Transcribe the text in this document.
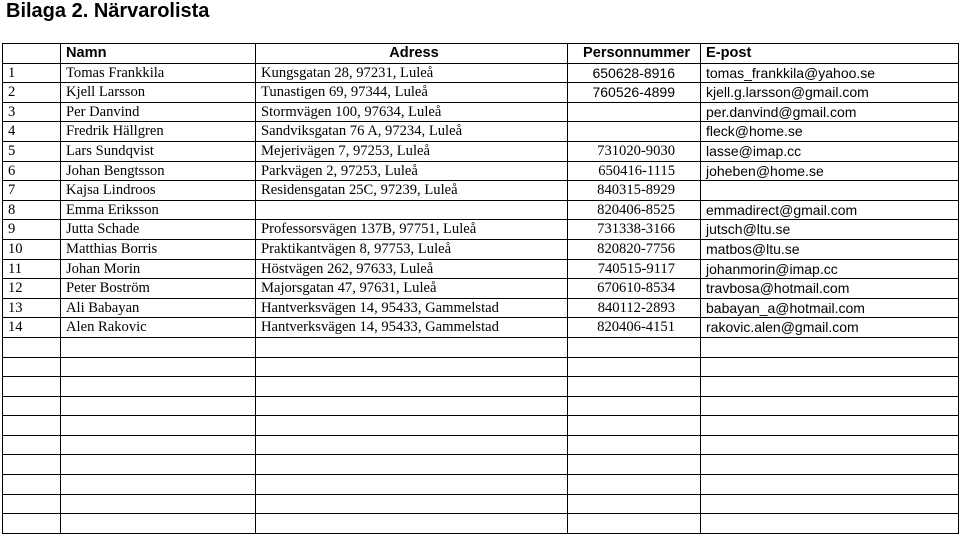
Bilaga 2. Närvarolista
	Namn	Adress	Personnummer	E-post
1	Tomas Frankkila	Kungsgatan 28, 97231, Luleå	650628-8916	tomas_frankkila@yahoo.se
2	Kjell Larsson	Tunastigen 69, 97344, Luleå	760526-4899	kjell.g.larsson@gmail.com
3	Per Danvind	Stormvägen 100, 97634, Luleå		per.danvind@gmail.com
4	Fredrik Hällgren	Sandviksgatan 76 A, 97234, Luleå		fleck@home.se
5	Lars Sundqvist	Mejerivägen 7, 97253, Luleå	731020-9030	lasse@imap.cc
6	Johan Bengtsson	Parkvägen 2, 97253, Luleå	650416-1115	joheben@home.se
7	Kajsa Lindroos	Residensgatan 25C, 97239, Luleå	840315-8929	
8	Emma Eriksson		820406-8525	emmadirect@gmail.com
9	Jutta Schade	Professorsvägen 137B, 97751, Luleå	731338-3166	jutsch@ltu.se
10	Matthias Borris	Praktikantvägen 8, 97753, Luleå	820820-7756	matbos@ltu.se
11	Johan Morin	Höstvägen 262, 97633, Luleå	740515-9117	johanmorin@imap.cc
12	Peter Boström	Majorsgatan 47, 97631, Luleå	670610-8534	travbosa@hotmail.com
13	Ali Babayan	Hantverksvägen 14, 95433, Gammelstad	840112-2893	babayan_a@hotmail.com
14	Alen Rakovic	Hantverksvägen 14, 95433, Gammelstad	820406-4151	rakovic.alen@gmail.com
